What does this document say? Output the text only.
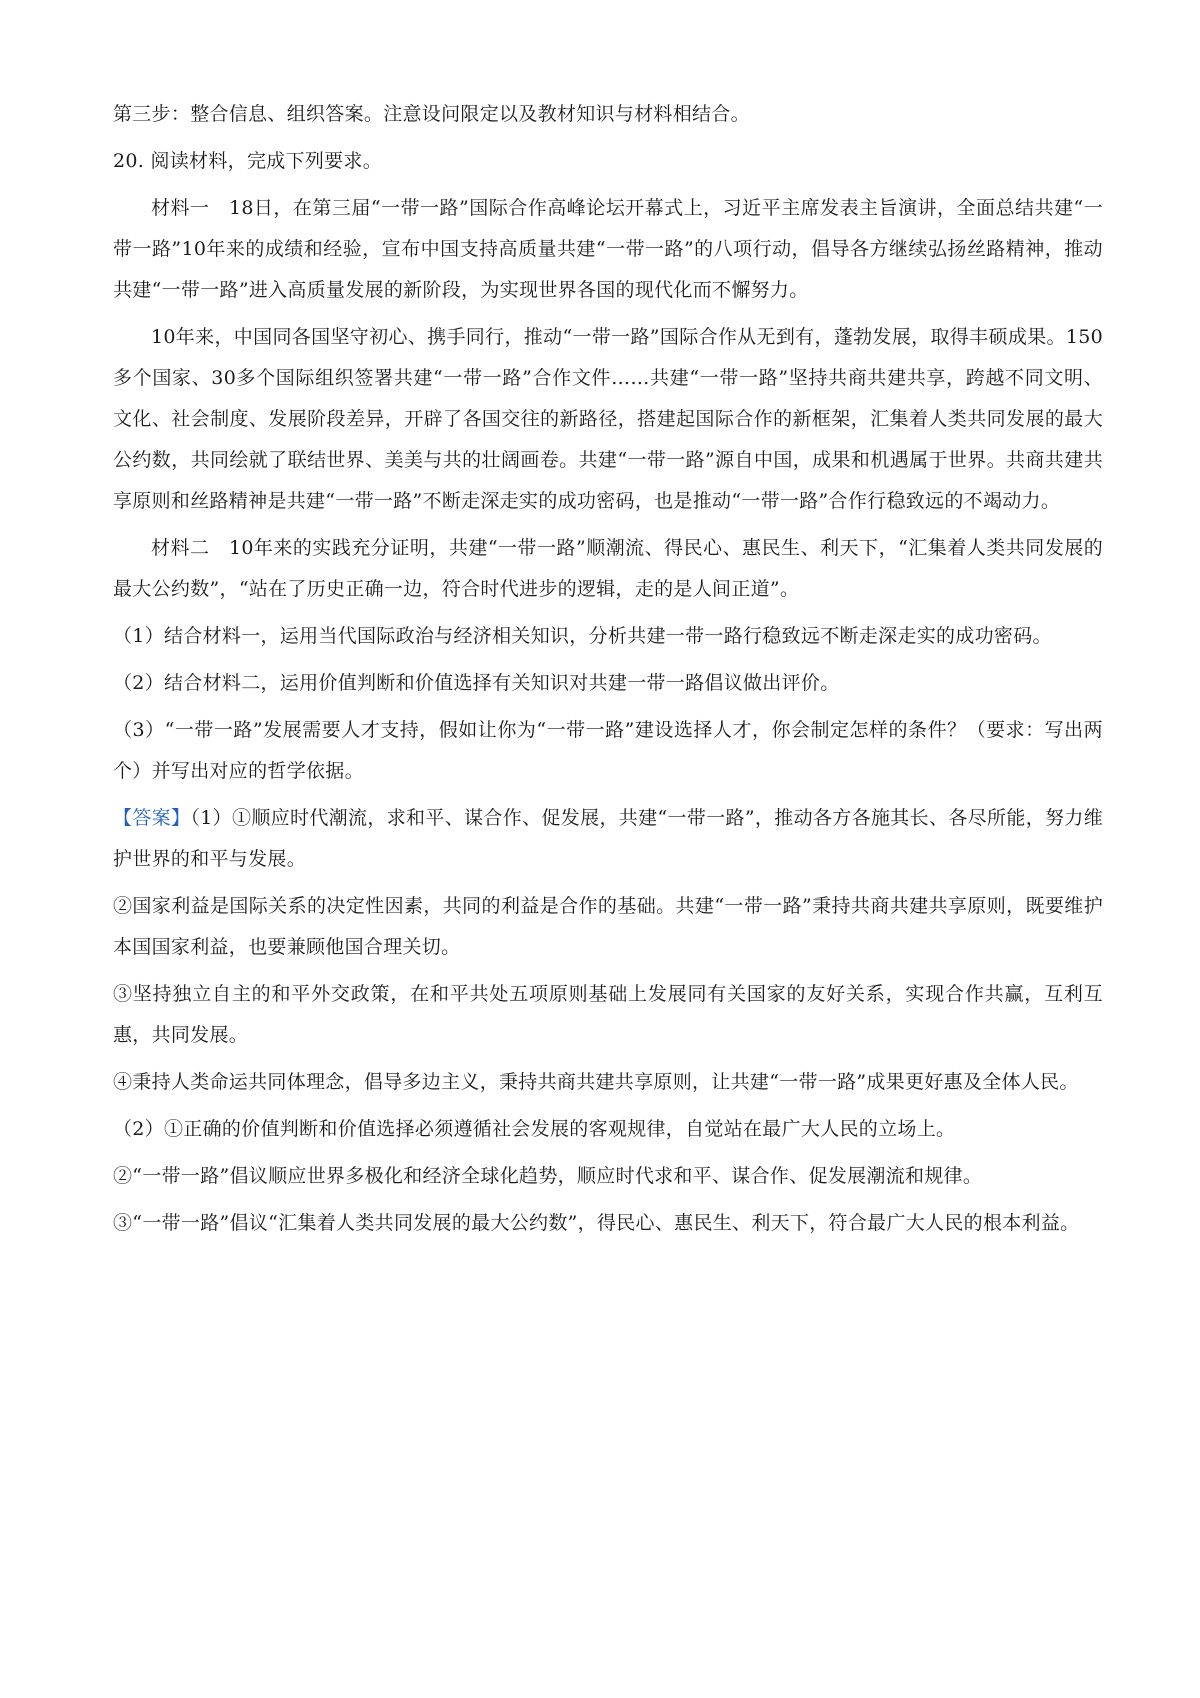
第三步：整合信息、组织答案。注意设问限定以及教材知识与材料相结合。

20. 阅读材料，完成下列要求。

材料一　18日，在第三届“一带一路”国际合作高峰论坛开幕式上，习近平主席发表主旨演讲，全面总结共建“一带一路”10年来的成绩和经验，宣布中国支持高质量共建“一带一路”的八项行动，倡导各方继续弘扬丝路精神，推动共建“一带一路”进入高质量发展的新阶段，为实现世界各国的现代化而不懈努力。

10年来，中国同各国坚守初心、携手同行，推动“一带一路”国际合作从无到有，蓬勃发展，取得丰硕成果。150多个国家、30多个国际组织签署共建“一带一路”合作文件……共建“一带一路”坚持共商共建共享，跨越不同文明、文化、社会制度、发展阶段差异，开辟了各国交往的新路径，搭建起国际合作的新框架，汇集着人类共同发展的最大公约数，共同绘就了联结世界、美美与共的壮阔画卷。共建“一带一路”源自中国，成果和机遇属于世界。共商共建共享原则和丝路精神是共建“一带一路”不断走深走实的成功密码，也是推动“一带一路”合作行稳致远的不竭动力。

材料二　10年来的实践充分证明，共建“一带一路”顺潮流、得民心、惠民生、利天下，“汇集着人类共同发展的最大公约数”，“站在了历史正确一边，符合时代进步的逻辑，走的是人间正道”。

（1）结合材料一，运用当代国际政治与经济相关知识，分析共建一带一路行稳致远不断走深走实的成功密码。

（2）结合材料二，运用价值判断和价值选择有关知识对共建一带一路倡议做出评价。

（3）“一带一路”发展需要人才支持，假如让你为“一带一路”建设选择人才，你会制定怎样的条件？（要求：写出两个）并写出对应的哲学依据。

【答案】（1）①顺应时代潮流，求和平、谋合作、促发展，共建“一带一路”，推动各方各施其长、各尽所能，努力维护世界的和平与发展。

②国家利益是国际关系的决定性因素，共同的利益是合作的基础。共建“一带一路”秉持共商共建共享原则，既要维护本国国家利益，也要兼顾他国合理关切。

③坚持独立自主的和平外交政策，在和平共处五项原则基础上发展同有关国家的友好关系，实现合作共赢，互利互惠，共同发展。

④秉持人类命运共同体理念，倡导多边主义，秉持共商共建共享原则，让共建“一带一路”成果更好惠及全体人民。

（2）①正确的价值判断和价值选择必须遵循社会发展的客观规律，自觉站在最广大人民的立场上。

②“一带一路”倡议顺应世界多极化和经济全球化趋势，顺应时代求和平、谋合作、促发展潮流和规律。

③“一带一路”倡议“汇集着人类共同发展的最大公约数”，得民心、惠民生、利天下，符合最广大人民的根本利益。
